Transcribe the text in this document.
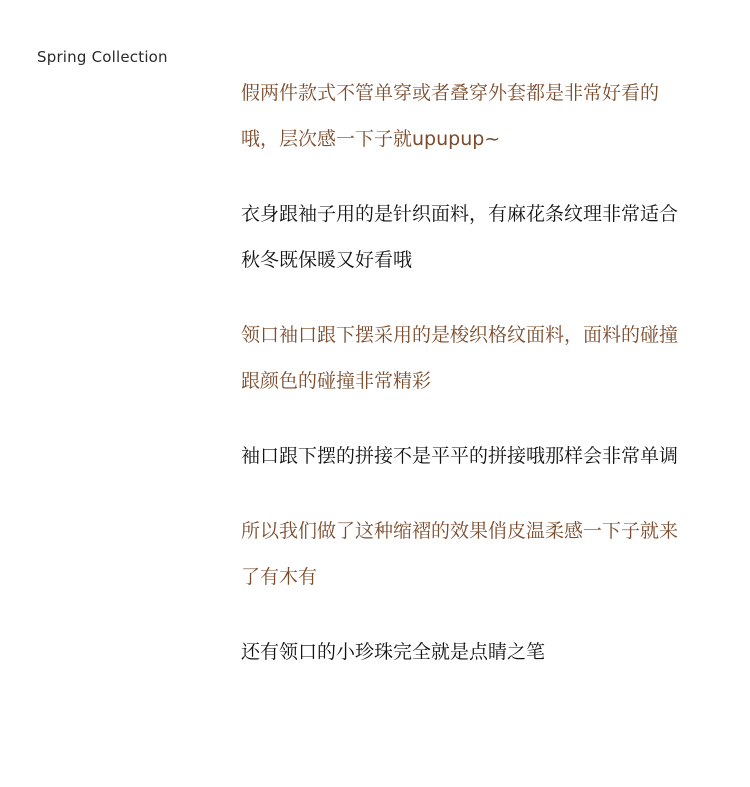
Spring Collection

假两件款式不管单穿或者叠穿外套都是非常好看的哦，层次感一下子就upupup~

衣身跟袖子用的是针织面料，有麻花条纹理非常适合秋冬既保暖又好看哦

领口袖口跟下摆采用的是梭织格纹面料，面料的碰撞跟颜色的碰撞非常精彩

袖口跟下摆的拼接不是平平的拼接哦那样会非常单调

所以我们做了这种缩褶的效果俏皮温柔感一下子就来了有木有

还有领口的小珍珠完全就是点睛之笔
